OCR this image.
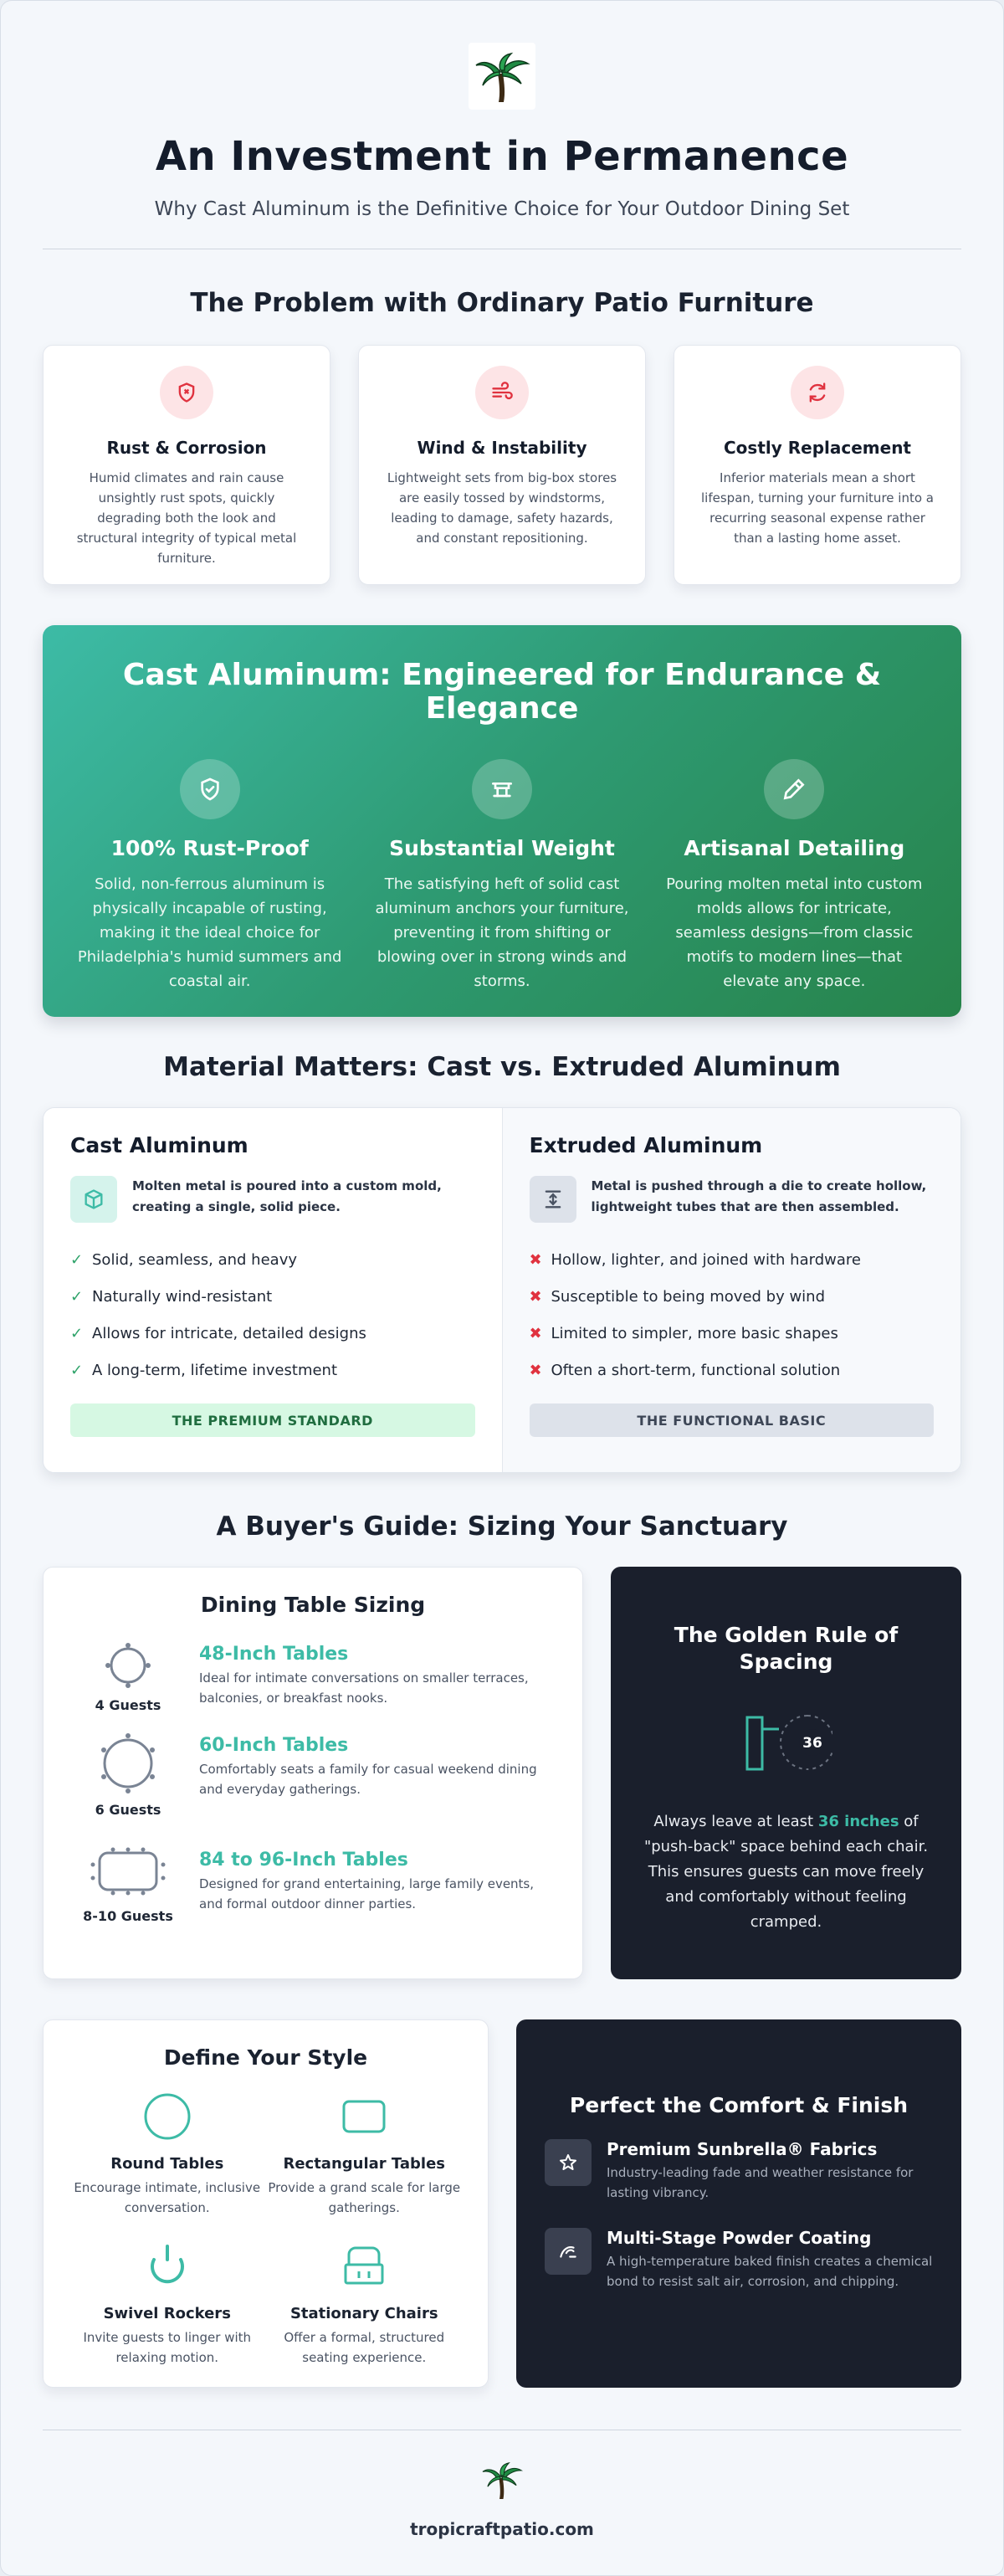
An Investment in Permanence

Why Cast Aluminum is the Definitive Choice for Your Outdoor Dining Set

The Problem with Ordinary Patio Furniture
Rust & Corrosion
Humid climates and rain cause unsightly rust spots, quickly degrading both the look and structural integrity of typical metal furniture.
Wind & Instability
Lightweight sets from big-box stores are easily tossed by windstorms, leading to damage, safety hazards, and constant repositioning.
Costly Replacement
Inferior materials mean a short lifespan, turning your furniture into a recurring seasonal expense rather than a lasting home asset.
Cast Aluminum: Engineered for Endurance & Elegance
100% Rust-Proof
Solid, non-ferrous aluminum is physically incapable of rusting, making it the ideal choice for Philadelphia's humid summers and coastal air.
Substantial Weight
The satisfying heft of solid cast aluminum anchors your furniture, preventing it from shifting or blowing over in strong winds and storms.
Artisanal Detailing
Pouring molten metal into custom molds allows for intricate, seamless designs—from classic motifs to modern lines—that elevate any space.
Material Matters: Cast vs. Extruded Aluminum
Cast Aluminum
Molten metal is poured into a custom mold, creating a single, solid piece.
✓ Solid, seamless, and heavy
✓ Naturally wind-resistant
✓ Allows for intricate, detailed designs
✓ A long-term, lifetime investment
THE PREMIUM STANDARD
Extruded Aluminum
Metal is pushed through a die to create hollow, lightweight tubes that are then assembled.
✖ Hollow, lighter, and joined with hardware
✖ Susceptible to being moved by wind
✖ Limited to simpler, more basic shapes
✖ Often a short-term, functional solution
THE FUNCTIONAL BASIC
A Buyer's Guide: Sizing Your Sanctuary
Dining Table Sizing
4 Guests
48-Inch Tables
Ideal for intimate conversations on smaller terraces, balconies, or breakfast nooks.
6 Guests
60-Inch Tables
Comfortably seats a family for casual weekend dining and everyday gatherings.
8-10 Guests
84 to 96-Inch Tables
Designed for grand entertaining, large family events, and formal outdoor dinner parties.
The Golden Rule of Spacing
36
Always leave at least 36 inches of "push-back" space behind each chair. This ensures guests can move freely and comfortably without feeling cramped.
Define Your Style
Round Tables
Encourage intimate, inclusive conversation.
Rectangular Tables
Provide a grand scale for large gatherings.
Swivel Rockers
Invite guests to linger with relaxing motion.
Stationary Chairs
Offer a formal, structured seating experience.
Perfect the Comfort & Finish
Premium Sunbrella® Fabrics
Industry-leading fade and weather resistance for lasting vibrancy.
Multi-Stage Powder Coating
A high-temperature baked finish creates a chemical bond to resist salt air, corrosion, and chipping.
tropicraftpatio.com
